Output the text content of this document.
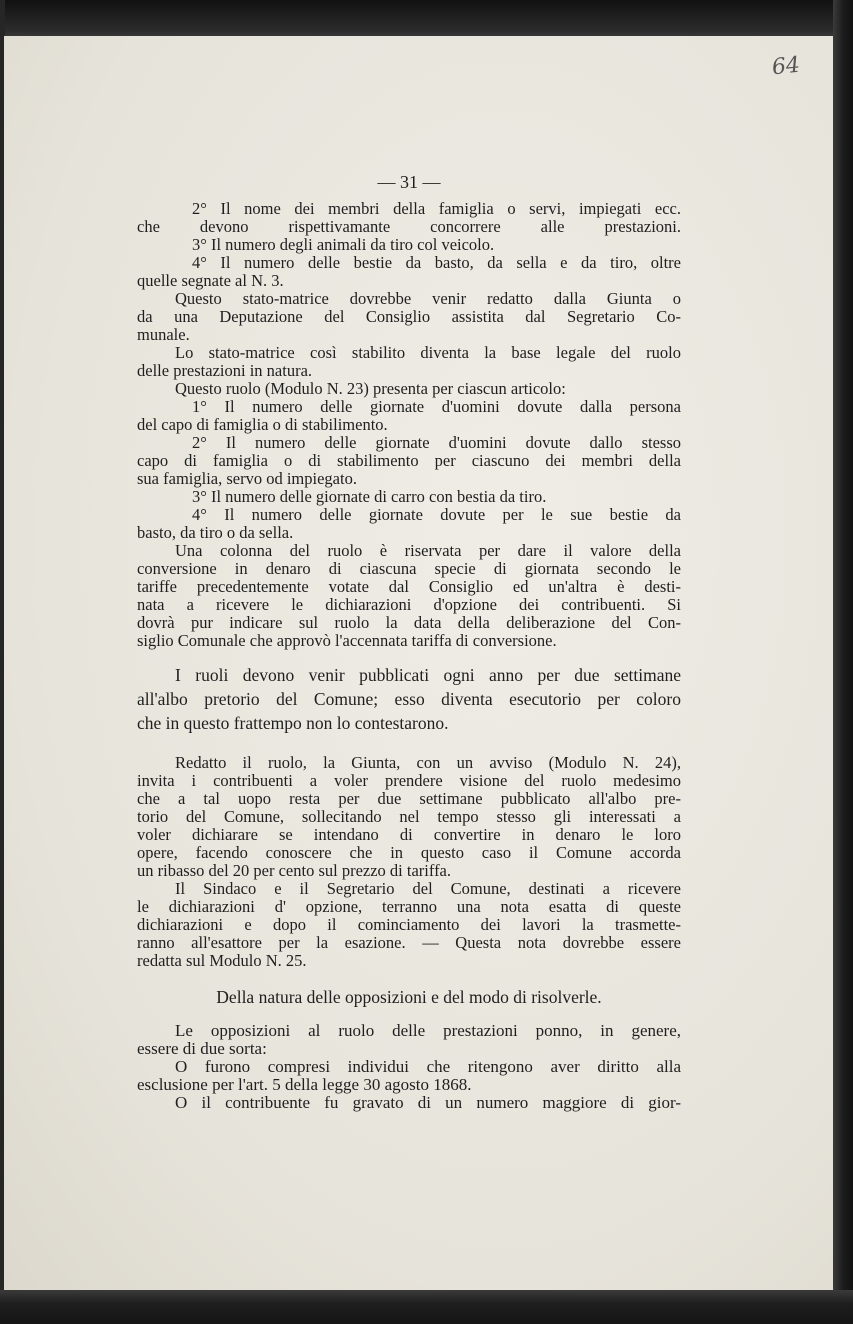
64
— 31 —
2° Il nome dei membri della famiglia o servi, impiegati ecc.
che devono rispettivamante concorrere alle prestazioni.
3° Il numero degli animali da tiro col veicolo.
4° Il numero delle bestie da basto, da sella e da tiro, oltre
quelle segnate al N. 3.
Questo stato-matrice dovrebbe venir redatto dalla Giunta o
da una Deputazione del Consiglio assistita dal Segretario Co-
munale.
Lo stato-matrice così stabilito diventa la base legale del ruolo
delle prestazioni in natura.
Questo ruolo (Modulo N. 23) presenta per ciascun articolo:
1° Il numero delle giornate d'uomini dovute dalla persona
del capo di famiglia o di stabilimento.
2° Il numero delle giornate d'uomini dovute dallo stesso
capo di famiglia o di stabilimento per ciascuno dei membri della
sua famiglia, servo od impiegato.
3° Il numero delle giornate di carro con bestia da tiro.
4° Il numero delle giornate dovute per le sue bestie da
basto, da tiro o da sella.
Una colonna del ruolo è riservata per dare il valore della
conversione in denaro di ciascuna specie di giornata secondo le
tariffe precedentemente votate dal Consiglio ed un'altra è desti-
nata a ricevere le dichiarazioni d'opzione dei contribuenti. Si
dovrà pur indicare sul ruolo la data della deliberazione del Con-
siglio Comunale che approvò l'accennata tariffa di conversione.
I ruoli devono venir pubblicati ogni anno per due settimane
all'albo pretorio del Comune; esso diventa esecutorio per coloro
che in questo frattempo non lo contestarono.
Redatto il ruolo, la Giunta, con un avviso (Modulo N. 24),
invita i contribuenti a voler prendere visione del ruolo medesimo
che a tal uopo resta per due settimane pubblicato all'albo pre-
torio del Comune, sollecitando nel tempo stesso gli interessati a
voler dichiarare se intendano di convertire in denaro le loro
opere, facendo conoscere che in questo caso il Comune accorda
un ribasso del 20 per cento sul prezzo di tariffa.
Il Sindaco e il Segretario del Comune, destinati a ricevere
le dichiarazioni d' opzione, terranno una nota esatta di queste
dichiarazioni e dopo il cominciamento dei lavori la trasmette-
ranno all'esattore per la esazione. — Questa nota dovrebbe essere
redatta sul Modulo N. 25.
Della natura delle opposizioni e del modo di risolverle.
Le opposizioni al ruolo delle prestazioni ponno, in genere,
essere di due sorta:
O furono compresi individui che ritengono aver diritto alla
esclusione per l'art. 5 della legge 30 agosto 1868.
O il contribuente fu gravato di un numero maggiore di gior-
